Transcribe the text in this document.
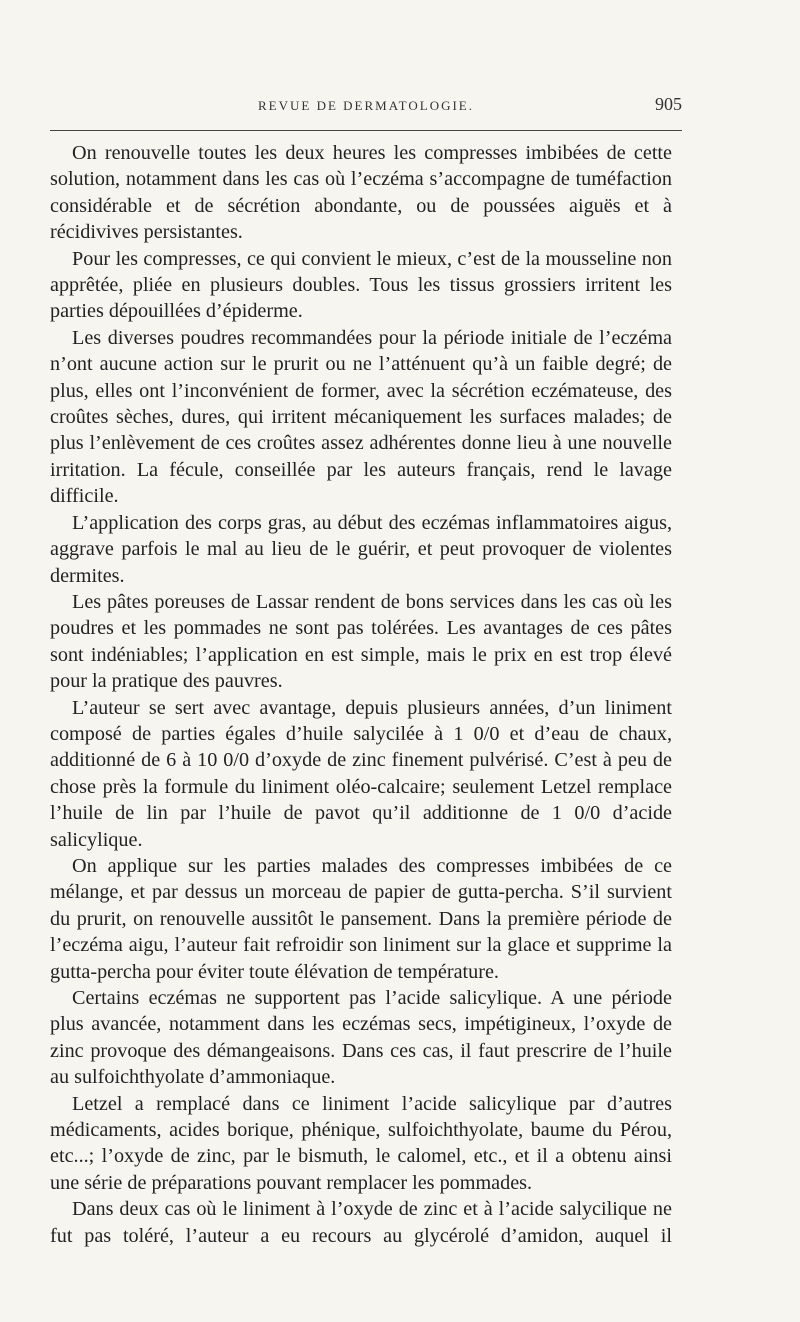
REVUE DE DERMATOLOGIE.	905

On renouvelle toutes les deux heures les compresses imbibées de cette solution, notamment dans les cas où l’eczéma s’accompagne de tuméfaction considérable et de sécrétion abondante, ou de poussées aiguës et à récidivives persistantes.

Pour les compresses, ce qui convient le mieux, c’est de la mousseline non apprêtée, pliée en plusieurs doubles. Tous les tissus grossiers irritent les parties dépouillées d’épiderme.

Les diverses poudres recommandées pour la période initiale de l’eczéma n’ont aucune action sur le prurit ou ne l’atténuent qu’à un faible degré; de plus, elles ont l’inconvénient de former, avec la sécrétion eczémateuse, des croûtes sèches, dures, qui irritent mécaniquement les surfaces malades; de plus l’enlèvement de ces croûtes assez adhérentes donne lieu à une nouvelle irritation. La fécule, conseillée par les auteurs français, rend le lavage difficile.

L’application des corps gras, au début des eczémas inflammatoires aigus, aggrave parfois le mal au lieu de le guérir, et peut provoquer de violentes dermites.

Les pâtes poreuses de Lassar rendent de bons services dans les cas où les poudres et les pommades ne sont pas tolérées. Les avantages de ces pâtes sont indéniables; l’application en est simple, mais le prix en est trop élevé pour la pratique des pauvres.

L’auteur se sert avec avantage, depuis plusieurs années, d’un liniment composé de parties égales d’huile salycilée à 1 0/0 et d’eau de chaux, additionné de 6 à 10 0/0 d’oxyde de zinc finement pulvérisé. C’est à peu de chose près la formule du liniment oléo-calcaire; seulement Letzel remplace l’huile de lin par l’huile de pavot qu’il additionne de 1 0/0 d’acide salicylique.

On applique sur les parties malades des compresses imbibées de ce mélange, et par dessus un morceau de papier de gutta-percha. S’il survient du prurit, on renouvelle aussitôt le pansement. Dans la première période de l’eczéma aigu, l’auteur fait refroidir son liniment sur la glace et supprime la gutta-percha pour éviter toute élévation de température.

Certains eczémas ne supportent pas l’acide salicylique. A une période plus avancée, notamment dans les eczémas secs, impétigineux, l’oxyde de zinc provoque des démangeaisons. Dans ces cas, il faut prescrire de l’huile au sulfoichthyolate d’ammoniaque.

Letzel a remplacé dans ce liniment l’acide salicylique par d’autres médicaments, acides borique, phénique, sulfoichthyolate, baume du Pérou, etc...; l’oxyde de zinc, par le bismuth, le calomel, etc., et il a obtenu ainsi une série de préparations pouvant remplacer les pommades.

Dans deux cas où le liniment à l’oxyde de zinc et à l’acide salycilique ne fut pas toléré, l’auteur a eu recours au glycérolé d’amidon, auquel il
